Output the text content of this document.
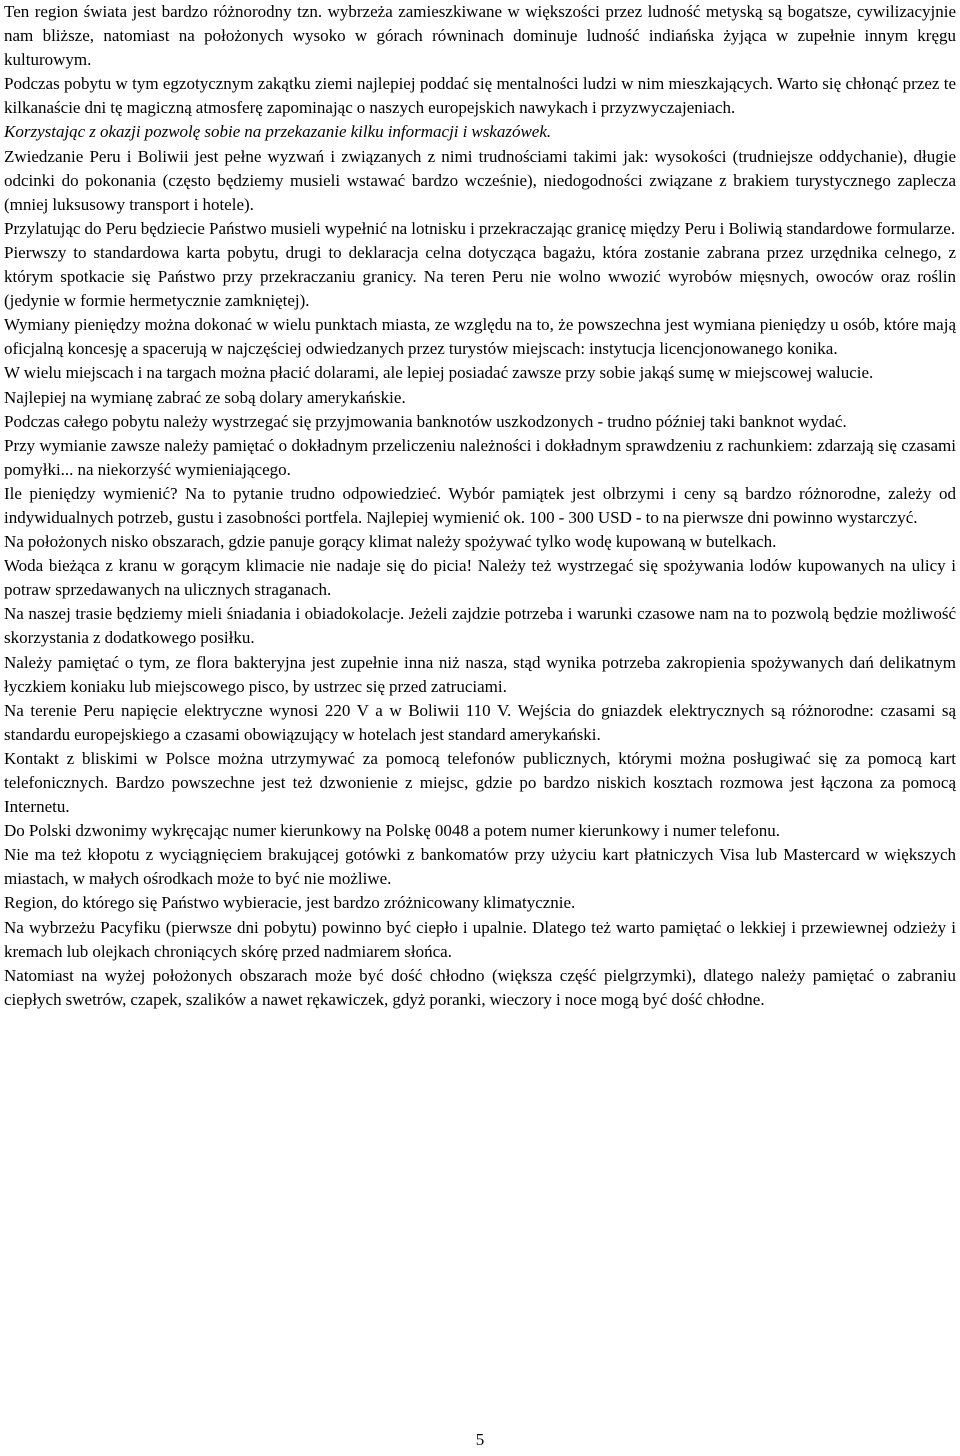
Ten region świata jest bardzo różnorodny tzn. wybrzeża zamieszkiwane w większości przez ludność metyską są bogatsze, cywilizacyjnie nam bliższe, natomiast na położonych wysoko w górach równinach dominuje ludność indiańska żyjąca w zupełnie innym kręgu kulturowym.

Podczas pobytu w tym egzotycznym zakątku ziemi najlepiej poddać się mentalności ludzi w nim mieszkających. Warto się chłonąć przez te kilkanaście dni tę magiczną atmosferę zapominając o naszych europejskich nawykach i przyzwyczajeniach.

Korzystając z okazji pozwolę sobie na przekazanie kilku informacji i wskazówek.

Zwiedzanie Peru i Boliwii jest pełne wyzwań i związanych z nimi trudnościami takimi jak: wysokości (trudniejsze oddychanie), długie odcinki do pokonania (często będziemy musieli wstawać bardzo wcześnie), niedogodności związane z brakiem turystycznego zaplecza (mniej luksusowy transport i hotele).

Przylatując do Peru będziecie Państwo musieli wypełnić na lotnisku i przekraczając granicę między Peru i Boliwią standardowe formularze.

Pierwszy to standardowa karta pobytu, drugi to deklaracja celna dotycząca bagażu, która zostanie zabrana przez urzędnika celnego, z którym spotkacie się Państwo przy przekraczaniu granicy. Na teren Peru nie wolno wwozić wyrobów mięsnych, owoców oraz roślin (jedynie w formie hermetycznie zamkniętej).

Wymiany pieniędzy można dokonać w wielu punktach miasta, ze względu na to, że powszechna jest wymiana pieniędzy u osób, które mają oficjalną koncesję a spacerują w najczęściej odwiedzanych przez turystów miejscach: instytucja licencjonowanego konika.

W wielu miejscach i na targach można płacić dolarami, ale lepiej posiadać zawsze przy sobie jakąś sumę w miejscowej walucie.

Najlepiej na wymianę zabrać ze sobą dolary amerykańskie.

Podczas całego pobytu należy wystrzegać się przyjmowania banknotów uszkodzonych - trudno później taki banknot wydać.

Przy wymianie zawsze należy pamiętać o dokładnym przeliczeniu należności i dokładnym sprawdzeniu z rachunkiem: zdarzają się czasami pomyłki... na niekorzyść wymieniającego.

Ile pieniędzy wymienić? Na to pytanie trudno odpowiedzieć. Wybór pamiątek jest olbrzymi i ceny są bardzo różnorodne, zależy od indywidualnych potrzeb, gustu i zasobności portfela. Najlepiej wymienić ok. 100 - 300 USD - to na pierwsze dni powinno wystarczyć.

Na położonych nisko obszarach, gdzie panuje gorący klimat należy spożywać tylko wodę kupowaną w butelkach.

Woda bieżąca z kranu w gorącym klimacie nie nadaje się do picia! Należy też wystrzegać się spożywania lodów kupowanych na ulicy i potraw sprzedawanych na ulicznych straganach.

Na naszej trasie będziemy mieli śniadania i obiadokolacje. Jeżeli zajdzie potrzeba i warunki czasowe nam na to pozwolą będzie możliwość skorzystania z dodatkowego posiłku.

Należy pamiętać o tym, ze flora bakteryjna jest zupełnie inna niż nasza, stąd wynika potrzeba zakropienia spożywanych dań delikatnym łyczkiem koniaku lub miejscowego pisco, by ustrzec się przed zatruciami.

Na terenie Peru napięcie elektryczne wynosi 220 V a w Boliwii 110 V. Wejścia do gniazdek elektrycznych są różnorodne: czasami są standardu europejskiego a czasami obowiązujący w hotelach jest standard amerykański.

Kontakt z bliskimi w Polsce można utrzymywać za pomocą telefonów publicznych, którymi można posługiwać się za pomocą kart telefonicznych. Bardzo powszechne jest też dzwonienie z miejsc, gdzie po bardzo niskich kosztach rozmowa jest łączona za pomocą Internetu.

Do Polski dzwonimy wykręcając numer kierunkowy na Polskę 0048 a potem numer kierunkowy i numer telefonu.

Nie ma też kłopotu z wyciągnięciem brakującej gotówki z bankomatów przy użyciu kart płatniczych Visa lub Mastercard w większych miastach, w małych ośrodkach może to być nie możliwe.

Region, do którego się Państwo wybieracie, jest bardzo zróżnicowany klimatycznie.

Na wybrzeżu Pacyfiku (pierwsze dni pobytu) powinno być ciepło i upalnie. Dlatego też warto pamiętać o lekkiej i przewiewnej odzieży i kremach lub olejkach chroniących skórę przed nadmiarem słońca.

Natomiast na wyżej położonych obszarach może być dość chłodno (większa część pielgrzymki), dlatego należy pamiętać o zabraniu ciepłych swetrów, czapek, szalików a nawet rękawiczek, gdyż poranki, wieczory i noce mogą być dość chłodne.

5
